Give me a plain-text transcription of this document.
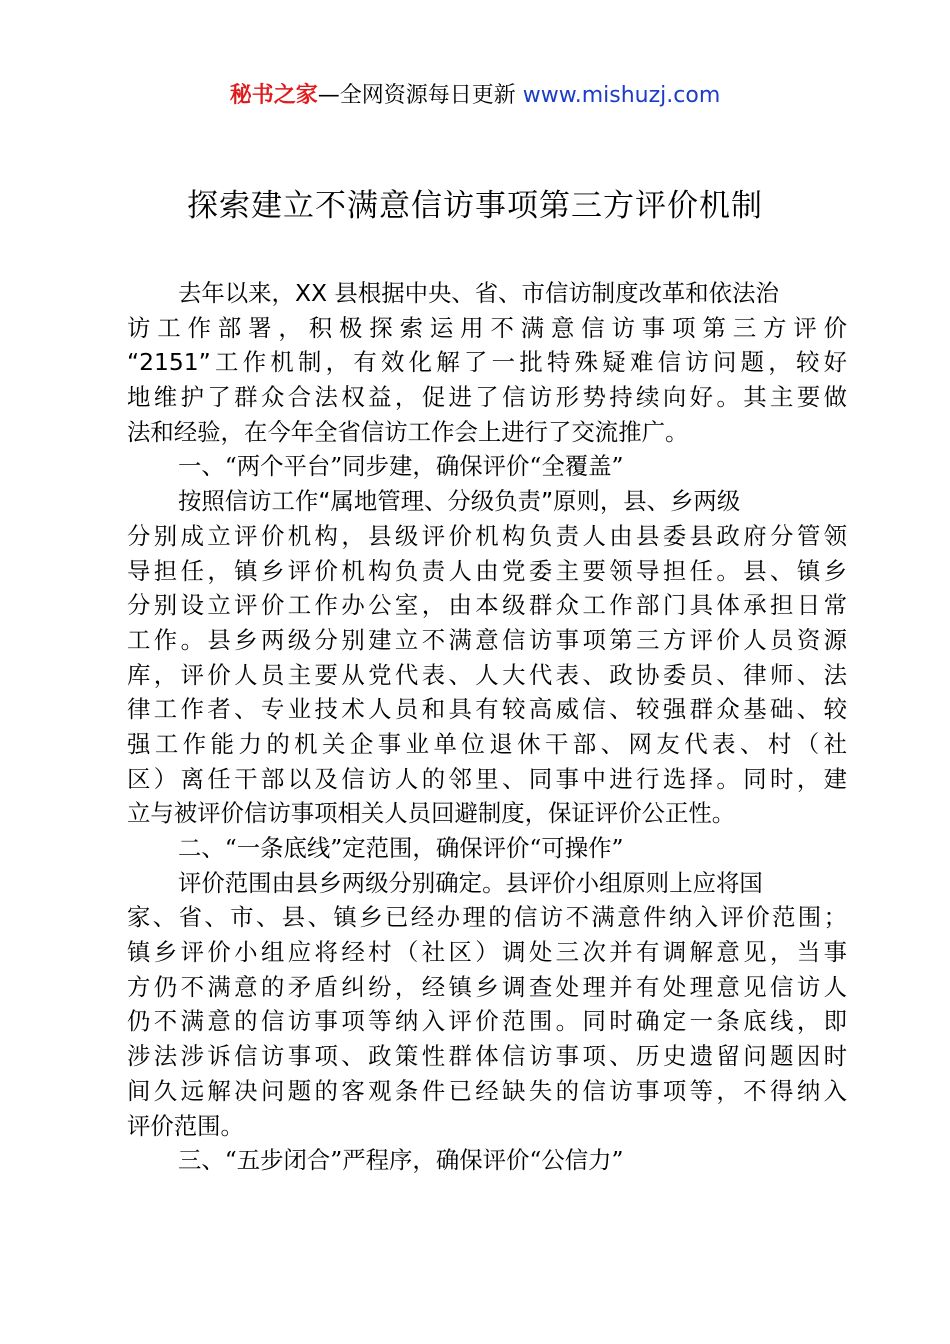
秘书之家—全网资源每日更新 www.mishuzj.com
探索建立不满意信访事项第三方评价机制
去年以来，XX 县根据中央、省、市信访制度改革和依法治
访工作部署，积极探索运用不满意信访事项第三方评价
“2151”工作机制，有效化解了一批特殊疑难信访问题，较好
地维护了群众合法权益，促进了信访形势持续向好。其主要做
法和经验，在今年全省信访工作会上进行了交流推广。
一、“两个平台”同步建，确保评价“全覆盖”
按照信访工作“属地管理、分级负责”原则，县、乡两级
分别成立评价机构，县级评价机构负责人由县委县政府分管领
导担任，镇乡评价机构负责人由党委主要领导担任。县、镇乡
分别设立评价工作办公室，由本级群众工作部门具体承担日常
工作。县乡两级分别建立不满意信访事项第三方评价人员资源
库，评价人员主要从党代表、人大代表、政协委员、律师、法
律工作者、专业技术人员和具有较高威信、较强群众基础、较
强工作能力的机关企事业单位退休干部、网友代表、村（社
区）离任干部以及信访人的邻里、同事中进行选择。同时，建
立与被评价信访事项相关人员回避制度，保证评价公正性。
二、“一条底线”定范围，确保评价“可操作”
评价范围由县乡两级分别确定。县评价小组原则上应将国
家、省、市、县、镇乡已经办理的信访不满意件纳入评价范围；
镇乡评价小组应将经村（社区）调处三次并有调解意见，当事
方仍不满意的矛盾纠纷，经镇乡调查处理并有处理意见信访人
仍不满意的信访事项等纳入评价范围。同时确定一条底线，即
涉法涉诉信访事项、政策性群体信访事项、历史遗留问题因时
间久远解决问题的客观条件已经缺失的信访事项等，不得纳入
评价范围。
三、“五步闭合”严程序，确保评价“公信力”
